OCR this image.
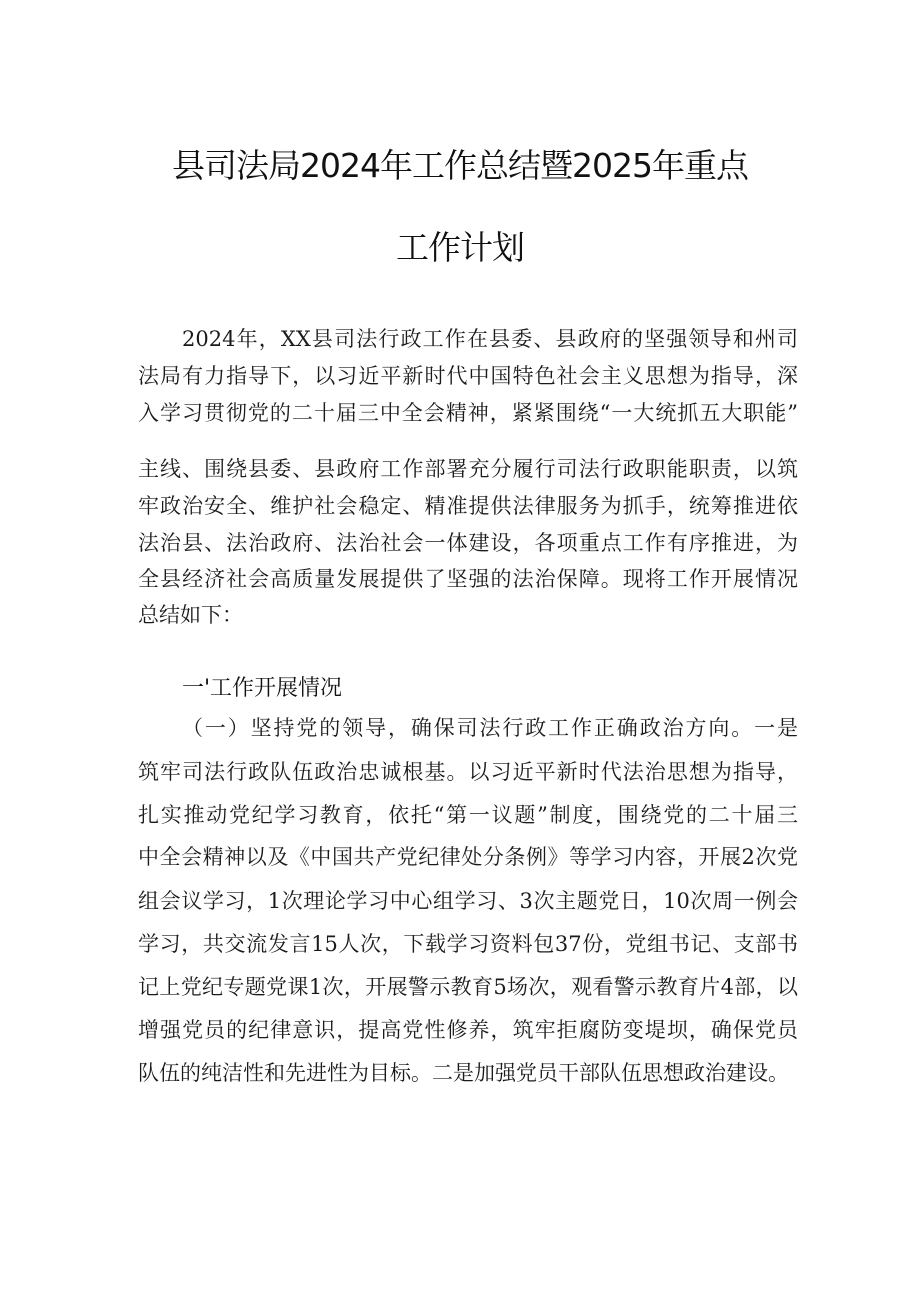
县司法局2024年工作总结暨2025年重点
工作计划
2024年，XX县司法行政工作在县委、县政府的坚强领导和州司
法局有力指导下，以习近平新时代中国特色社会主义思想为指导，深
入学习贯彻党的二十届三中全会精神，紧紧围绕“一大统抓五大职能”
主线、围绕县委、县政府工作部署充分履行司法行政职能职责，以筑
牢政治安全、维护社会稳定、精准提供法律服务为抓手，统筹推进依
法治县、法治政府、法治社会一体建设，各项重点工作有序推进，为
全县经济社会高质量发展提供了坚强的法治保障。现将工作开展情况
总结如下：
一'工作开展情况
（一）坚持党的领导，确保司法行政工作正确政治方向。一是
筑牢司法行政队伍政治忠诚根基。以习近平新时代法治思想为指导，
扎实推动党纪学习教育，依托“第一议题”制度，围绕党的二十届三
中全会精神以及《中国共产党纪律处分条例》等学习内容，开展2次党
组会议学习，1次理论学习中心组学习、3次主题党日，10次周一例会
学习，共交流发言15人次，下载学习资料包37份，党组书记、支部书
记上党纪专题党课1次，开展警示教育5场次，观看警示教育片4部，以
增强党员的纪律意识，提高党性修养，筑牢拒腐防变堤坝，确保党员
队伍的纯洁性和先进性为目标。二是加强党员干部队伍思想政治建设。
